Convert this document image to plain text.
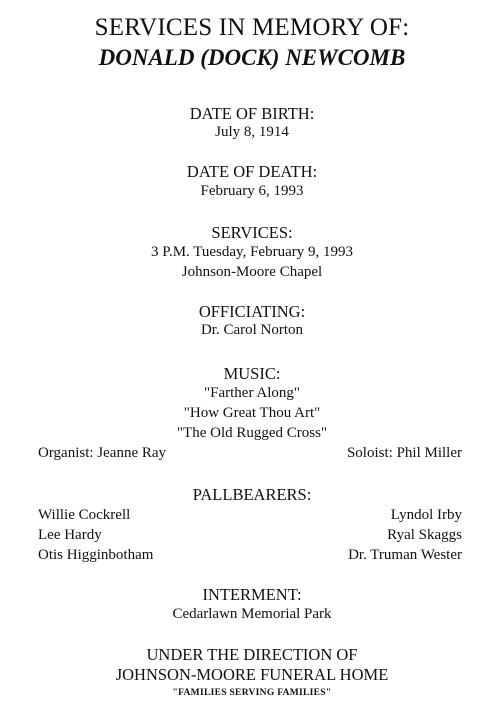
SERVICES IN MEMORY OF:
DONALD (DOCK) NEWCOMB
DATE OF BIRTH:
July 8, 1914
DATE OF DEATH:
February 6, 1993
SERVICES:
3 P.M. Tuesday, February 9, 1993
Johnson-Moore Chapel
OFFICIATING:
Dr. Carol Norton
MUSIC:
"Farther Along"
"How Great Thou Art"
"The Old Rugged Cross"
Organist: Jeanne Ray	Soloist: Phil Miller
PALLBEARERS:
Willie Cockrell
Lee Hardy
Otis Higginbotham
Lyndol Irby
Ryal Skaggs
Dr. Truman Wester
INTERMENT:
Cedarlawn Memorial Park
UNDER THE DIRECTION OF
JOHNSON-MOORE FUNERAL HOME
"FAMILIES SERVING FAMILIES"
